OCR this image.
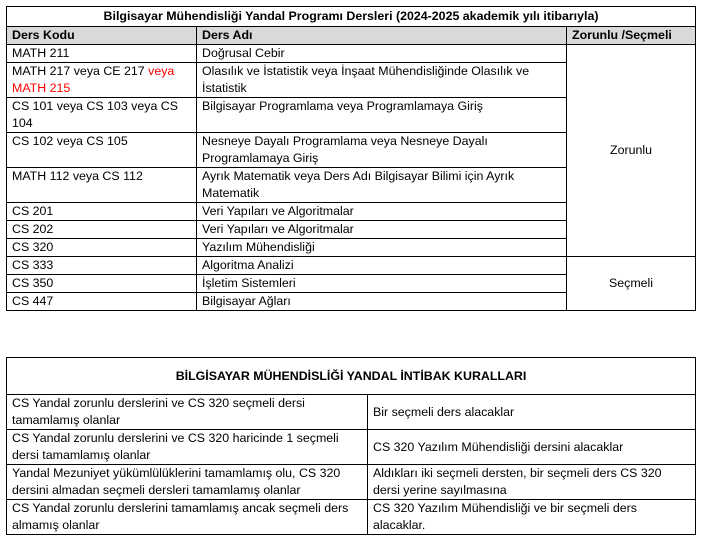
Bilgisayar Mühendisliği Yandal Programı Dersleri (2024-2025 akademik yılı itibarıyla)		
Ders Kodu	Ders Adı	Zorunlu /Seçmeli
MATH 211	Doğrusal Cebir	Zorunlu
MATH 217 veya CE 217 veya MATH 215	Olasılık ve İstatistik veya İnşaat Mühendisliğinde Olasılık ve İstatistik	
CS 101 veya CS 103 veya CS 104	Bilgisayar Programlama veya Programlamaya Giriş	
CS 102 veya CS 105	Nesneye Dayalı Programlama veya Nesneye Dayalı Programlamaya Giriş	
MATH 112 veya CS 112	Ayrık Matematik veya Ders Adı Bilgisayar Bilimi için Ayrık Matematik	
CS 201	Veri Yapıları ve Algoritmalar	
CS 202	Veri Yapıları ve Algoritmalar	
CS 320	Yazılım Mühendisliği	
CS 333	Algoritma Analizi	Seçmeli
CS 350	İşletim Sistemleri	
CS 447	Bilgisayar Ağları	
BİLGİSAYAR MÜHENDİSLİĞİ YANDAL İNTİBAK KURALLARI	
CS Yandal zorunlu derslerini ve CS 320 seçmeli dersi tamamlamış olanlar	Bir seçmeli ders alacaklar
CS Yandal zorunlu derslerini ve CS 320 haricinde 1 seçmeli dersi tamamlamış olanlar	CS 320 Yazılım Mühendisliği dersini alacaklar
Yandal Mezuniyet yükümlülüklerini tamamlamış olu, CS 320 dersini almadan seçmeli dersleri tamamlamış olanlar	Aldıkları iki seçmeli dersten, bir seçmeli ders CS 320 dersi yerine sayılmasına
CS Yandal zorunlu derslerini tamamlamış ancak seçmeli ders almamış olanlar	CS 320 Yazılım Mühendisliği ve bir seçmeli ders alacaklar.
